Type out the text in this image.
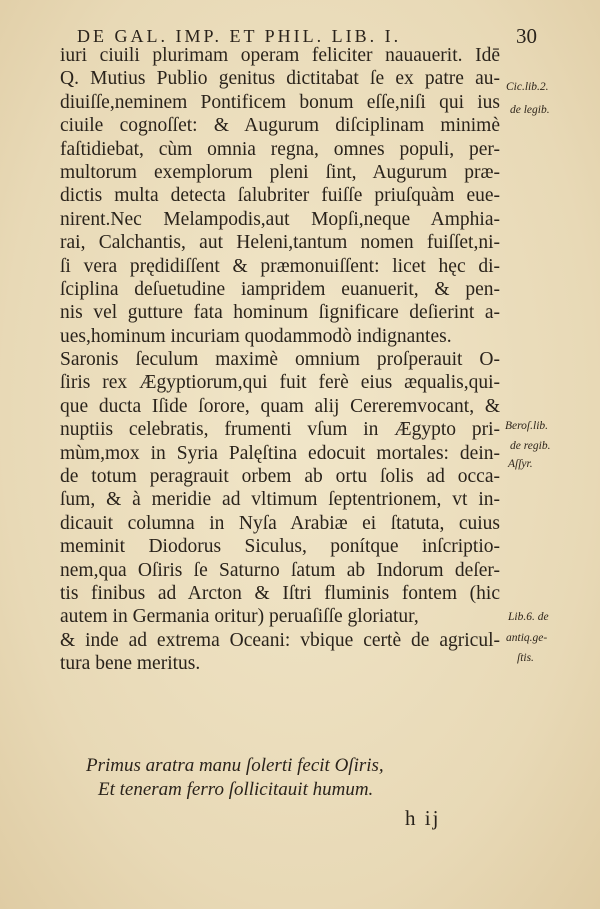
DE GAL. IMP. ET PHIL. LIB. I.	30
iuri ciuili plurimam operam feliciter nauauerit. Idē
Q. Mutius Publio genitus dictitabat ſe ex patre au-
diuiſſe,neminem Pontificem bonum eſſe,niſi qui ius
ciuile cognoſſet: & Augurum diſciplinam minimè
faſtidiebat, cùm omnia regna, omnes populi, per-
multorum exemplorum pleni ſint, Augurum præ-
dictis multa detecta ſalubriter fuiſſe priuſquàm eue-
nirent.Nec Melampodis,aut Mopſi,neque Amphia-
rai, Calchantis, aut Heleni,tantum nomen fuiſſet,ni-
ſi vera prędidiſſent & præmonuiſſent: licet hęc di-
ſciplina deſuetudine iampridem euanuerit, & pen-
nis vel gutture fata hominum ſignificare deſierint a-
ues,hominum incuriam quodammodò indignantes.
Saronis ſeculum maximè omnium proſperauit O-
ſiris rex Ægyptiorum,qui fuit ferè eius æqualis,qui-
que ducta Iſide ſorore, quam alij Cereremvocant, &
nuptiis celebratis, frumenti vſum in Ægypto pri-
mùm,mox in Syria Palęſtina edocuit mortales: dein-
de totum peragrauit orbem ab ortu ſolis ad occa-
ſum, & à meridie ad vltimum ſeptentrionem, vt in-
dicauit columna in Nyſa Arabiæ ei ſtatuta, cuius
meminit Diodorus Siculus, ponítque inſcriptio-
nem,qua Oſiris ſe Saturno ſatum ab Indorum deſer-
tis finibus ad Arcton & Iſtri fluminis fontem (hic
autem in Germania oritur) peruaſiſſe gloriatur,
& inde ad extrema Oceani: vbique certè de agricul-
tura bene meritus.
Primus aratra manu ſolerti fecit Oſiris,
Et teneram ferro ſollicitauit humum.
h ij
Cic.lib.2.
de legib.
Beroſ.lib.
de regib.
Aſſyr.
Lib.6. de
antiq.ge-
ſtis.
